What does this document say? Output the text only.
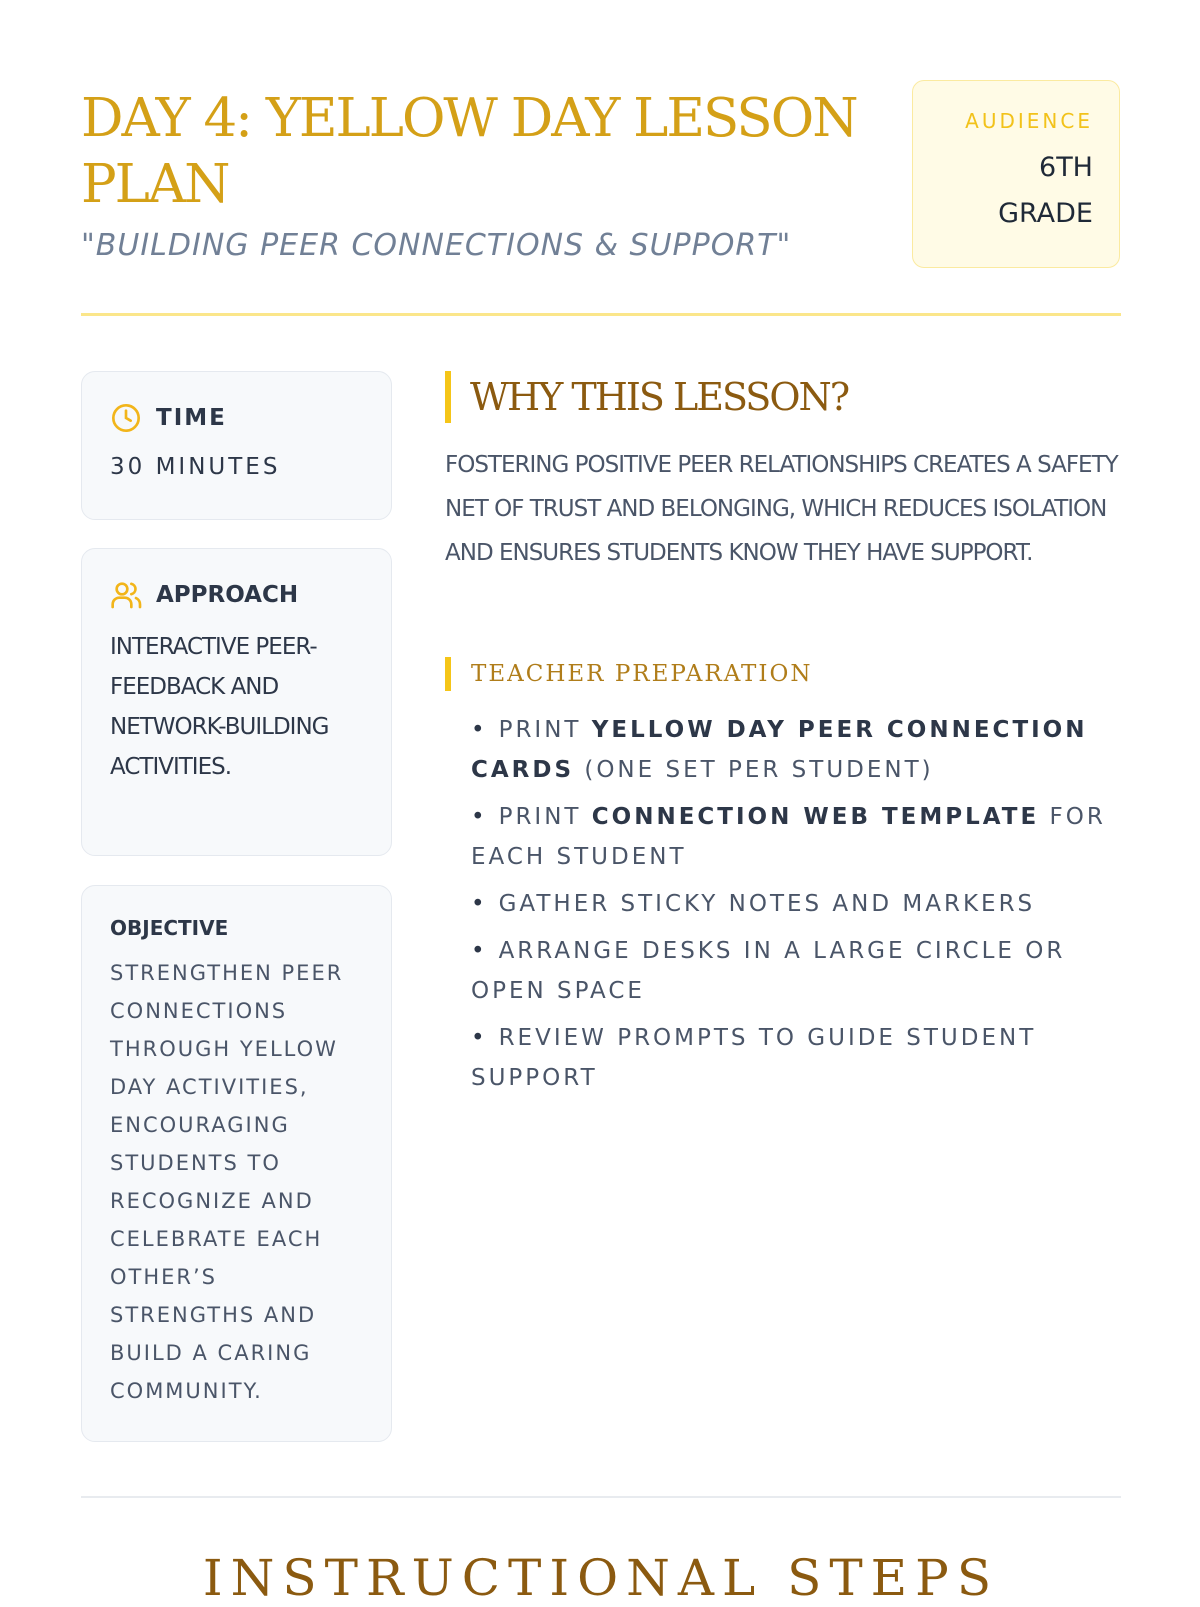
DAY 4: YELLOW DAY LESSON PLAN
"BUILDING PEER CONNECTIONS & SUPPORT"
AUDIENCE
6TH
GRADE
TIME
30 MINUTES
APPROACH
INTERACTIVE PEER-FEEDBACK AND NETWORK-BUILDING ACTIVITIES.
OBJECTIVE
STRENGTHEN PEER CONNECTIONS THROUGH YELLOW DAY ACTIVITIES, ENCOURAGING STUDENTS TO RECOGNIZE AND CELEBRATE EACH OTHER’S STRENGTHS AND BUILD A CARING COMMUNITY.
WHY THIS LESSON?
FOSTERING POSITIVE PEER RELATIONSHIPS CREATES A SAFETY NET OF TRUST AND BELONGING, WHICH REDUCES ISOLATION AND ENSURES STUDENTS KNOW THEY HAVE SUPPORT.
TEACHER PREPARATION
• PRINT YELLOW DAY PEER CONNECTION CARDS (ONE SET PER STUDENT)
• PRINT CONNECTION WEB TEMPLATE FOR EACH STUDENT
• GATHER STICKY NOTES AND MARKERS
• ARRANGE DESKS IN A LARGE CIRCLE OR OPEN SPACE
• REVIEW PROMPTS TO GUIDE STUDENT SUPPORT
INSTRUCTIONAL STEPS
